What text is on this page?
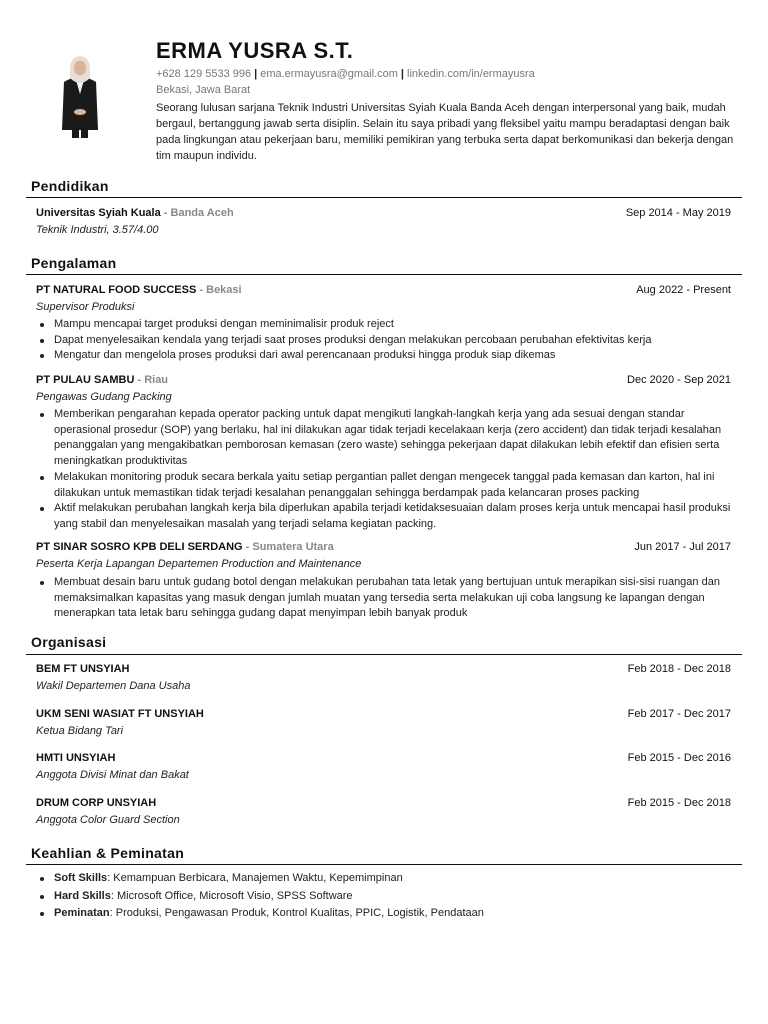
ERMA YUSRA S.T.
+628 129 5533 996 | ema.ermayusra@gmail.com | linkedin.com/in/ermayusra
Bekasi, Jawa Barat
Seorang lulusan sarjana Teknik Industri Universitas Syiah Kuala Banda Aceh dengan interpersonal yang baik, mudah bergaul, bertanggung jawab serta disiplin. Selain itu saya pribadi yang fleksibel yaitu mampu beradaptasi dengan baik pada lingkungan atau pekerjaan baru, memiliki pemikiran yang terbuka serta dapat berkomunikasi dan bekerja dengan tim maupun individu.
Pendidikan
Universitas Syiah Kuala - Banda Aceh	Sep 2014 - May 2019
Teknik Industri, 3.57/4.00
Pengalaman
PT NATURAL FOOD SUCCESS - Bekasi	Aug 2022 - Present
Supervisor Produksi
Mampu mencapai target produksi dengan meminimalisir produk reject
Dapat menyelesaikan kendala yang terjadi saat proses produksi dengan melakukan percobaan perubahan efektivitas kerja
Mengatur dan mengelola proses produksi dari awal perencanaan produksi hingga produk siap dikemas
PT PULAU SAMBU - Riau	Dec 2020 - Sep 2021
Pengawas Gudang Packing
Memberikan pengarahan kepada operator packing untuk dapat mengikuti langkah-langkah kerja yang ada sesuai dengan standar operasional prosedur (SOP) yang berlaku, hal ini dilakukan agar tidak terjadi kecelakaan kerja (zero accident) dan tidak terjadi kesalahan penanggalan yang mengakibatkan pemborosan kemasan (zero waste) sehingga pekerjaan dapat dilakukan lebih efektif dan efisien serta meningkatkan produktivitas
Melakukan monitoring produk secara berkala yaitu setiap pergantian pallet dengan mengecek tanggal pada kemasan dan karton, hal ini dilakukan untuk memastikan tidak terjadi kesalahan penanggalan sehingga berdampak pada kelancaran proses packing
Aktif melakukan perubahan langkah kerja bila diperlukan apabila terjadi ketidaksesuaian dalam proses kerja untuk mencapai hasil produksi yang stabil dan menyelesaikan masalah yang terjadi selama kegiatan packing.
PT SINAR SOSRO KPB DELI SERDANG - Sumatera Utara	Jun 2017 - Jul 2017
Peserta Kerja Lapangan Departemen Production and Maintenance
Membuat desain baru untuk gudang botol dengan melakukan perubahan tata letak yang bertujuan untuk merapikan sisi-sisi ruangan dan memaksimalkan kapasitas yang masuk dengan jumlah muatan yang tersedia serta melakukan uji coba langsung ke lapangan dengan menerapkan tata letak baru sehingga gudang dapat menyimpan lebih banyak produk
Organisasi
BEM FT UNSYIAH	Feb 2018 - Dec 2018
Wakil Departemen Dana Usaha
UKM SENI WASIAT FT UNSYIAH	Feb 2017 - Dec 2017
Ketua Bidang Tari
HMTI UNSYIAH	Feb 2015 - Dec 2016
Anggota Divisi Minat dan Bakat
DRUM CORP UNSYIAH	Feb 2015 - Dec 2018
Anggota Color Guard Section
Keahlian & Peminatan
Soft Skills: Kemampuan Berbicara, Manajemen Waktu, Kepemimpinan
Hard Skills: Microsoft Office, Microsoft Visio, SPSS Software
Peminatan: Produksi, Pengawasan Produk, Kontrol Kualitas, PPIC, Logistik, Pendataan
